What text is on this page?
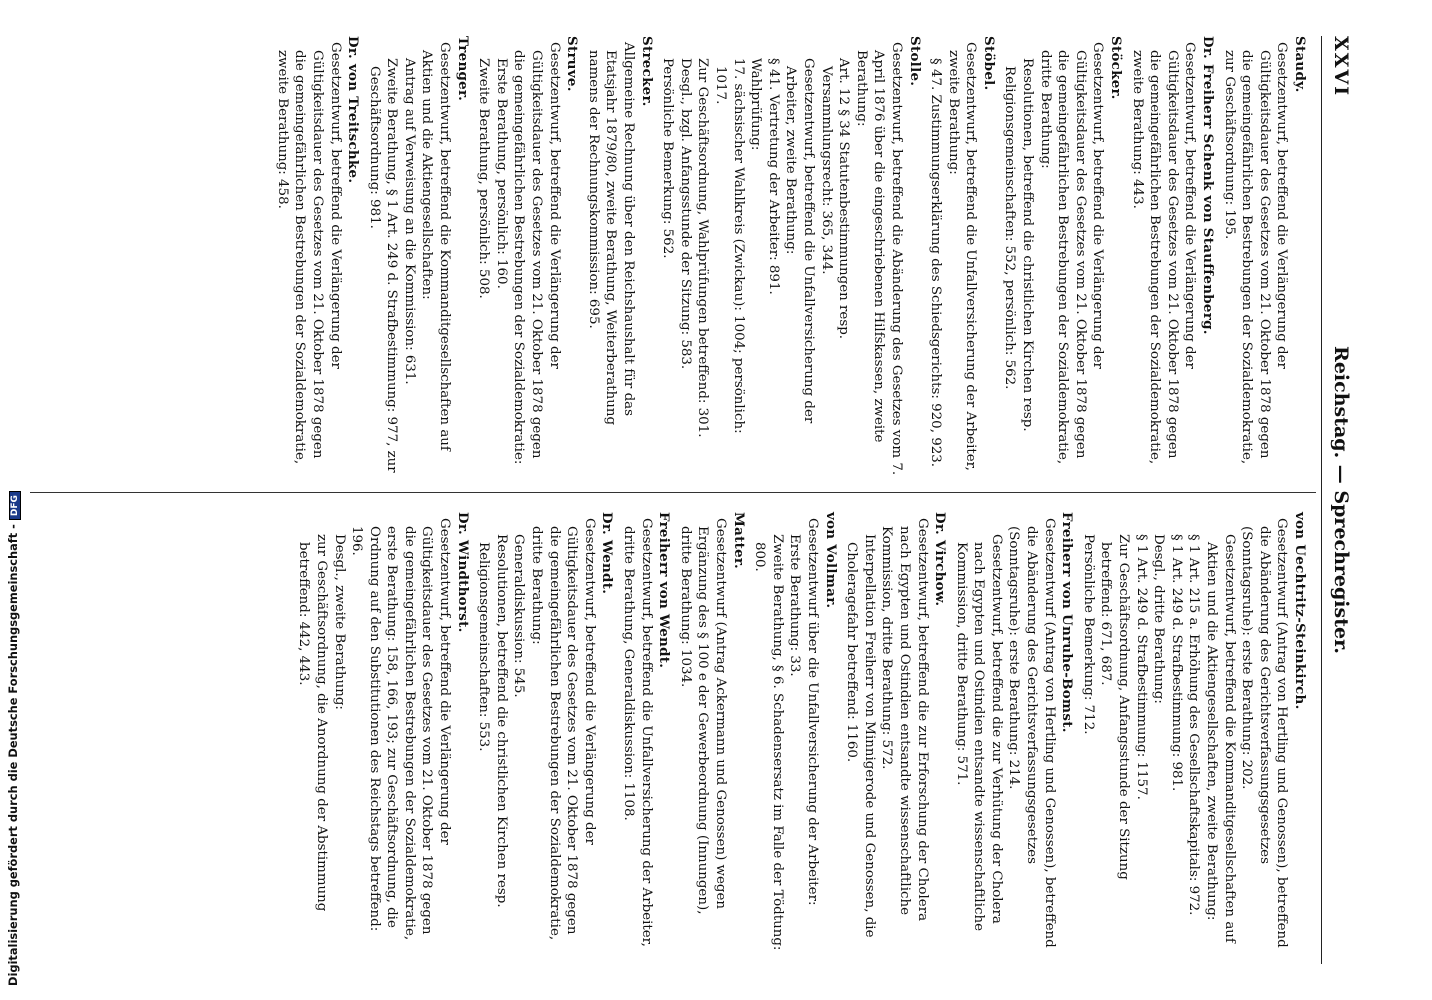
XXVI
Reichstag. — Sprechregister.
Staudy.
Gesetzentwurf, betreffend die Verlängerung der Gültigkeitsdauer des Gesetzes vom 21. Oktober 1878 gegen die gemeingefährlichen Bestrebungen der Sozialdemokratie, zur Geschäftsordnung: 195.
Dr. Freiherr Schenk von Stauffenberg.
Gesetzentwurf, betreffend die Verlängerung der Gültigkeitsdauer des Gesetzes vom 21. Oktober 1878 gegen die gemeingefährlichen Bestrebungen der Sozialdemokratie, zweite Berathung: 443.
Stöcker.
Gesetzentwurf, betreffend die Verlängerung der Gültigkeitsdauer des Gesetzes vom 21. Oktober 1878 gegen die gemeingefährlichen Bestrebungen der Sozialdemokratie, dritte Berathung:
Resolutionen, betreffend die christlichen Kirchen resp. Religionsgemeinschaften: 552, persönlich: 562.
Stöbel.
Gesetzentwurf, betreffend die Unfallversicherung der Arbeiter, zweite Berathung:
§ 47. Zustimmungserklärung des Schiedsgerichts: 920, 923.
Stolle.
Gesetzentwurf, betreffend die Abänderung des Gesetzes vom 7. April 1876 über die eingeschriebenen Hilfskassen, zweite Berathung:
Art. 12 § 34 Statutenbestimmungen resp. Versammlungsrecht: 365, 344.
Gesetzentwurf, betreffend die Unfallversicherung der Arbeiter, zweite Berathung:
§ 41. Vertretung der Arbeiter: 891.
Wahlprüfung:
17. sächsischer Wahlkreis (Zwickau): 1004; persönlich: 1017.
Zur Geschäftsordnung, Wahlprüfungen betreffend: 301.
Desgl., bzgl. Anfangsstunde der Sitzung: 583.
Persönliche Bemerkung: 562.
Strecker.
Allgemeine Rechnung über den Reichshaushalt für das Etatsjahr 1879/80, zweite Berathung, Weiterberathung namens der Rechnungskommission: 695.
Struve.
Gesetzentwurf, betreffend die Verlängerung der Gültigkeitsdauer des Gesetzes vom 21. Oktober 1878 gegen die gemeingefährlichen Bestrebungen der Sozialdemokratie:
Erste Berathung, persönlich: 160.
Zweite Berathung, persönlich: 508.
Trenger.
Gesetzentwurf, betreffend die Kommanditgesellschaften auf Aktien und die Aktiengesellschaften:
Antrag auf Verweisung an die Kommission: 631.
Zweite Berathung, § 1 Art. 249 d. Strafbestimmung: 977, zur Geschäftsordnung: 981.
Dr. von Treitschke.
Gesetzentwurf, betreffend die Verlängerung der Gültigkeitsdauer des Gesetzes vom 21. Oktober 1878 gegen die gemeingefährlichen Bestrebungen der Sozialdemokratie, zweite Berathung: 458.
von Uechtritz-Steinkirch.
Gesetzentwurf (Antrag von Hertling und Genossen), betreffend die Abänderung des Gerichtsverfassungsgesetzes (Sonntagsruhe): erste Berathung: 202.
Gesetzentwurf, betreffend die Kommanditgesellschaften auf Aktien und die Aktiengesellschaften, zweite Berathung:
§ 1 Art. 215 a. Erhöhung des Gesellschaftskapitals: 972.
§ 1 Art. 249 d. Strafbestimmung: 981.
Desgl., dritte Berathung:
§ 1 Art. 249 d. Strafbestimmung: 1157.
Zur Geschäftsordnung, Anfangsstunde der Sitzung betreffend: 671, 687.
Persönliche Bemerkung: 712.
Freiherr von Unruhe-Bomst.
Gesetzentwurf (Antrag von Hertling und Genossen), betreffend die Abänderung des Gerichtsverfassungsgesetzes (Sonntagsruhe): erste Berathung: 214.
Gesetzentwurf, betreffend die zur Verhütung der Cholera nach Egypten und Ostindien entsandte wissenschaftliche Kommission, dritte Berathung: 571.
Dr. Virchow.
Gesetzentwurf, betreffend die zur Erforschung der Cholera nach Egypten und Ostindien entsandte wissenschaftliche Kommission, dritte Berathung: 572.
Interpellation Freiherr von Minnigerode und Genossen, die Choleragefahr betreffend: 1160.
von Vollmar.
Gesetzentwurf über die Unfallversicherung der Arbeiter:
Erste Berathung: 33.
Zweite Berathung, § 6. Schadensersatz im Falle der Tödtung: 800.
Matter.
Gesetzentwurf (Antrag Ackermann und Genossen) wegen Ergänzung des § 100 e der Gewerbeordnung (Innungen), dritte Berathung: 1034.
Freiherr von Wendt.
Gesetzentwurf, betreffend die Unfallversicherung der Arbeiter, dritte Berathung, Generaldiskussion: 1108.
Dr. Wendt.
Gesetzentwurf, betreffend die Verlängerung der Gültigkeitsdauer des Gesetzes vom 21. Oktober 1878 gegen die gemeingefährlichen Bestrebungen der Sozialdemokratie, dritte Berathung:
Generaldiskussion: 545.
Resolutionen, betreffend die christlichen Kirchen resp. Religionsgemeinschaften: 553.
Dr. Windthorst.
Gesetzentwurf, betreffend die Verlängerung der Gültigkeitsdauer des Gesetzes vom 21. Oktober 1878 gegen die gemeingefährlichen Bestrebungen der Sozialdemokratie, erste Berathung: 158, 166, 193; zur Geschäftsordnung, die Ordnung auf den Substitutionen des Reichstags betreffend: 196.
Desgl., zweite Berathung:
zur Geschäftsordnung, die Anordnung der Abstimmung betreffend: 442, 443.
Digitalisierung gefördert durch die Deutsche Forschungsgemeinschaft -DFG
